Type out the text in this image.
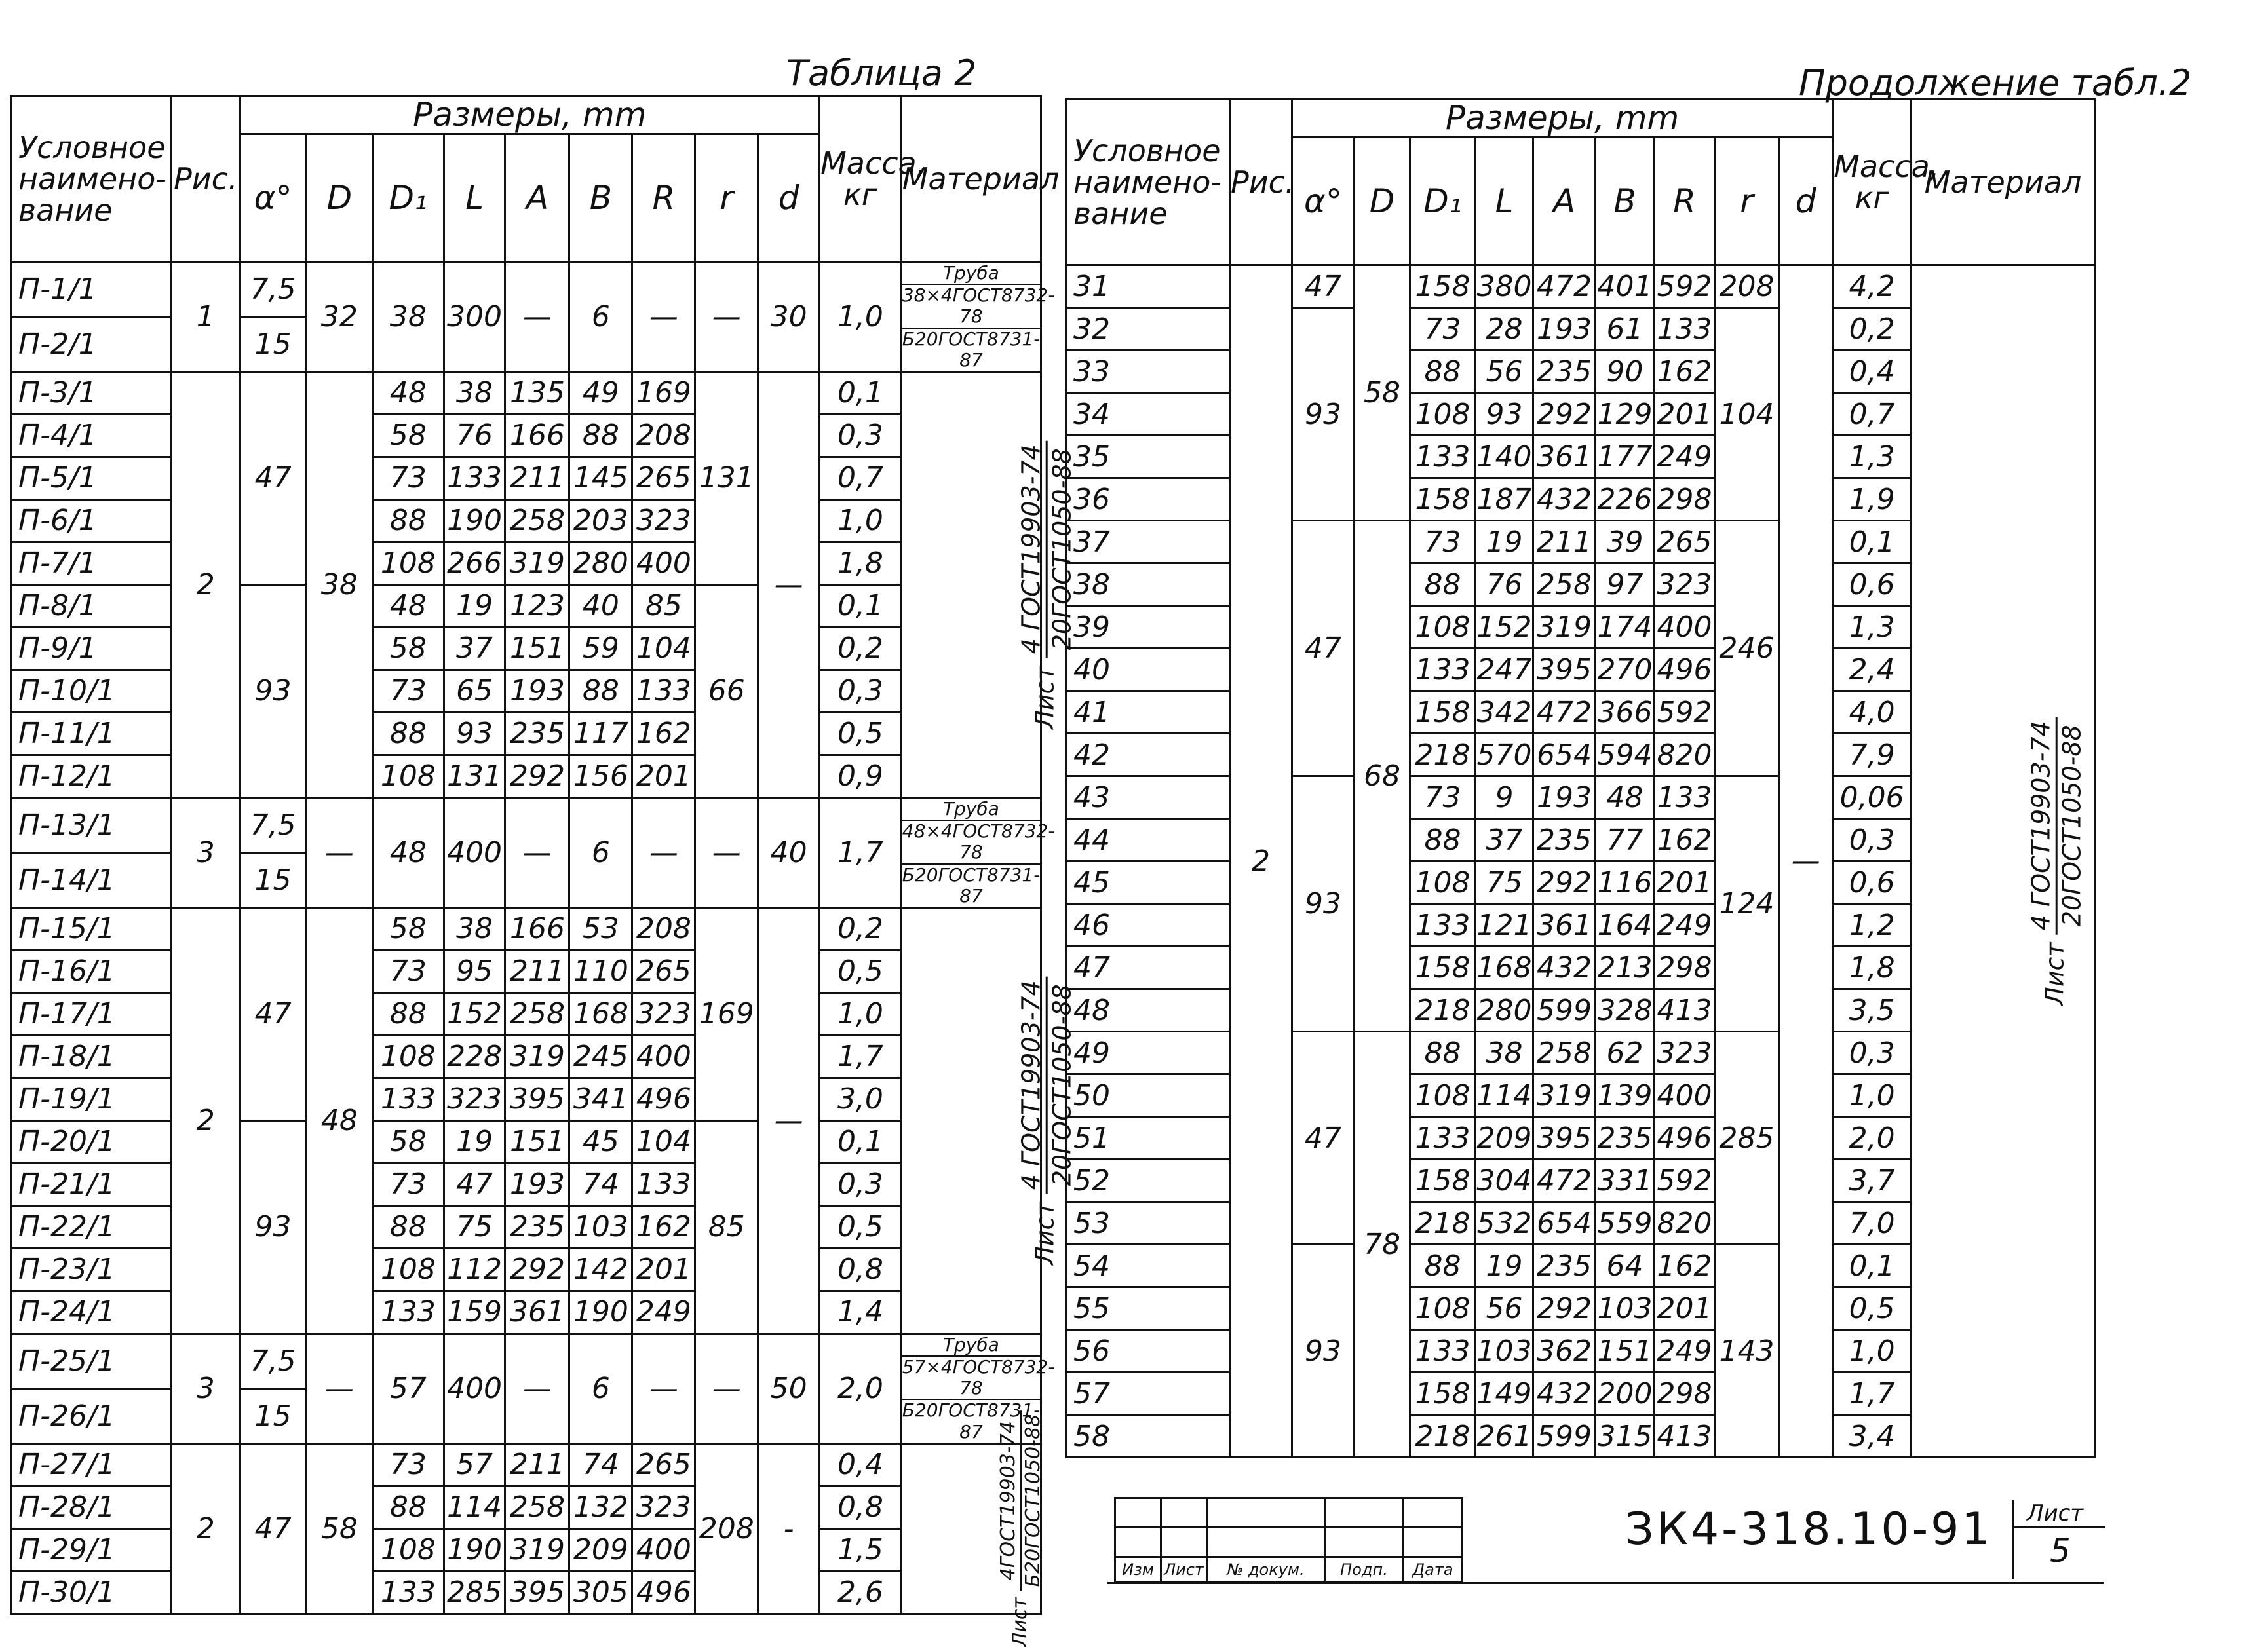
Таблица 2
Условное наимено-вание	Рис.	Размеры, mm									Масса, кг	Материал
		α°	D	D₁	L	A	B	R	r	d		
П-1/1	1	7,5	32	38	300	—	6	—	—	30	1,0	Труба
38×4ГОСТ8732-78
Б20ГОСТ8731-87

П-2/1		15										
П-3/1	2	47	38	48	38	135	49	169	131	—	0,1	Лист
4 ГОСТ19903-74 20ГОСТ1050-88

П-4/1				58	76	166	88	208			0,3	
П-5/1				73	133	211	145	265			0,7	
П-6/1				88	190	258	203	323			1,0	
П-7/1				108	266	319	280	400			1,8	
П-8/1		93		48	19	123	40	85	66		0,1	
П-9/1				58	37	151	59	104			0,2	
П-10/1				73	65	193	88	133			0,3	
П-11/1				88	93	235	117	162			0,5	
П-12/1				108	131	292	156	201			0,9	
П-13/1	3	7,5	—	48	400	—	6	—	—	40	1,7	Труба
48×4ГОСТ8732-78
Б20ГОСТ8731-87

П-14/1		15										
П-15/1	2	47	48	58	38	166	53	208	169	—	0,2	Лист
4 ГОСТ19903-74 20ГОСТ1050-88

П-16/1				73	95	211	110	265			0,5	
П-17/1				88	152	258	168	323			1,0	
П-18/1				108	228	319	245	400			1,7	
П-19/1				133	323	395	341	496			3,0	
П-20/1		93		58	19	151	45	104	85		0,1	
П-21/1				73	47	193	74	133			0,3	
П-22/1				88	75	235	103	162			0,5	
П-23/1				108	112	292	142	201			0,8	
П-24/1				133	159	361	190	249			1,4	
П-25/1	3	7,5	—	57	400	—	6	—	—	50	2,0	Труба
57×4ГОСТ8732-78
Б20ГОСТ8731-87

П-26/1		15										
П-27/1	2	47	58	73	57	211	74	265	208	-	0,4	Лист
4ГОСТ19903-74 Б20ГОСТ1050-88

П-28/1				88	114	258	132	323			0,8	
П-29/1				108	190	319	209	400			1,5	
П-30/1				133	285	395	305	496			2,6	
Продолжение табл.2
Условное наимено-вание	Рис.	Размеры, mm									Масса, кг	Материал
		α°	D	D₁	L	A	B	R	r	d		
31	2	47	58	158	380	472	401	592	208	—	4,2	Лист
4 ГОСТ19903-74 20ГОСТ1050-88

32		93		73	28	193	61	133	104		0,2	
33				88	56	235	90	162			0,4	
34				108	93	292	129	201			0,7	
35				133	140	361	177	249			1,3	
36				158	187	432	226	298			1,9	
37		47	68	73	19	211	39	265	246		0,1	
38				88	76	258	97	323			0,6	
39				108	152	319	174	400			1,3	
40				133	247	395	270	496			2,4	
41				158	342	472	366	592			4,0	
42				218	570	654	594	820			7,9	
43		93		73	9	193	48	133	124		0,06	
44				88	37	235	77	162			0,3	
45				108	75	292	116	201			0,6	
46				133	121	361	164	249			1,2	
47				158	168	432	213	298			1,8	
48				218	280	599	328	413			3,5	
49		47	78	88	38	258	62	323	285		0,3	
50				108	114	319	139	400			1,0	
51				133	209	395	235	496			2,0	
52				158	304	472	331	592			3,7	
53				218	532	654	559	820			7,0	
54		93		88	19	235	64	162	143		0,1	
55				108	56	292	103	201			0,5	
56				133	103	362	151	249			1,0	
57				158	149	432	200	298			1,7	
58				218	261	599	315	413			3,4	

Изм	Лист	№ докум.	Подп.	Дата
ЗК4-318.10-91 Лист
5
